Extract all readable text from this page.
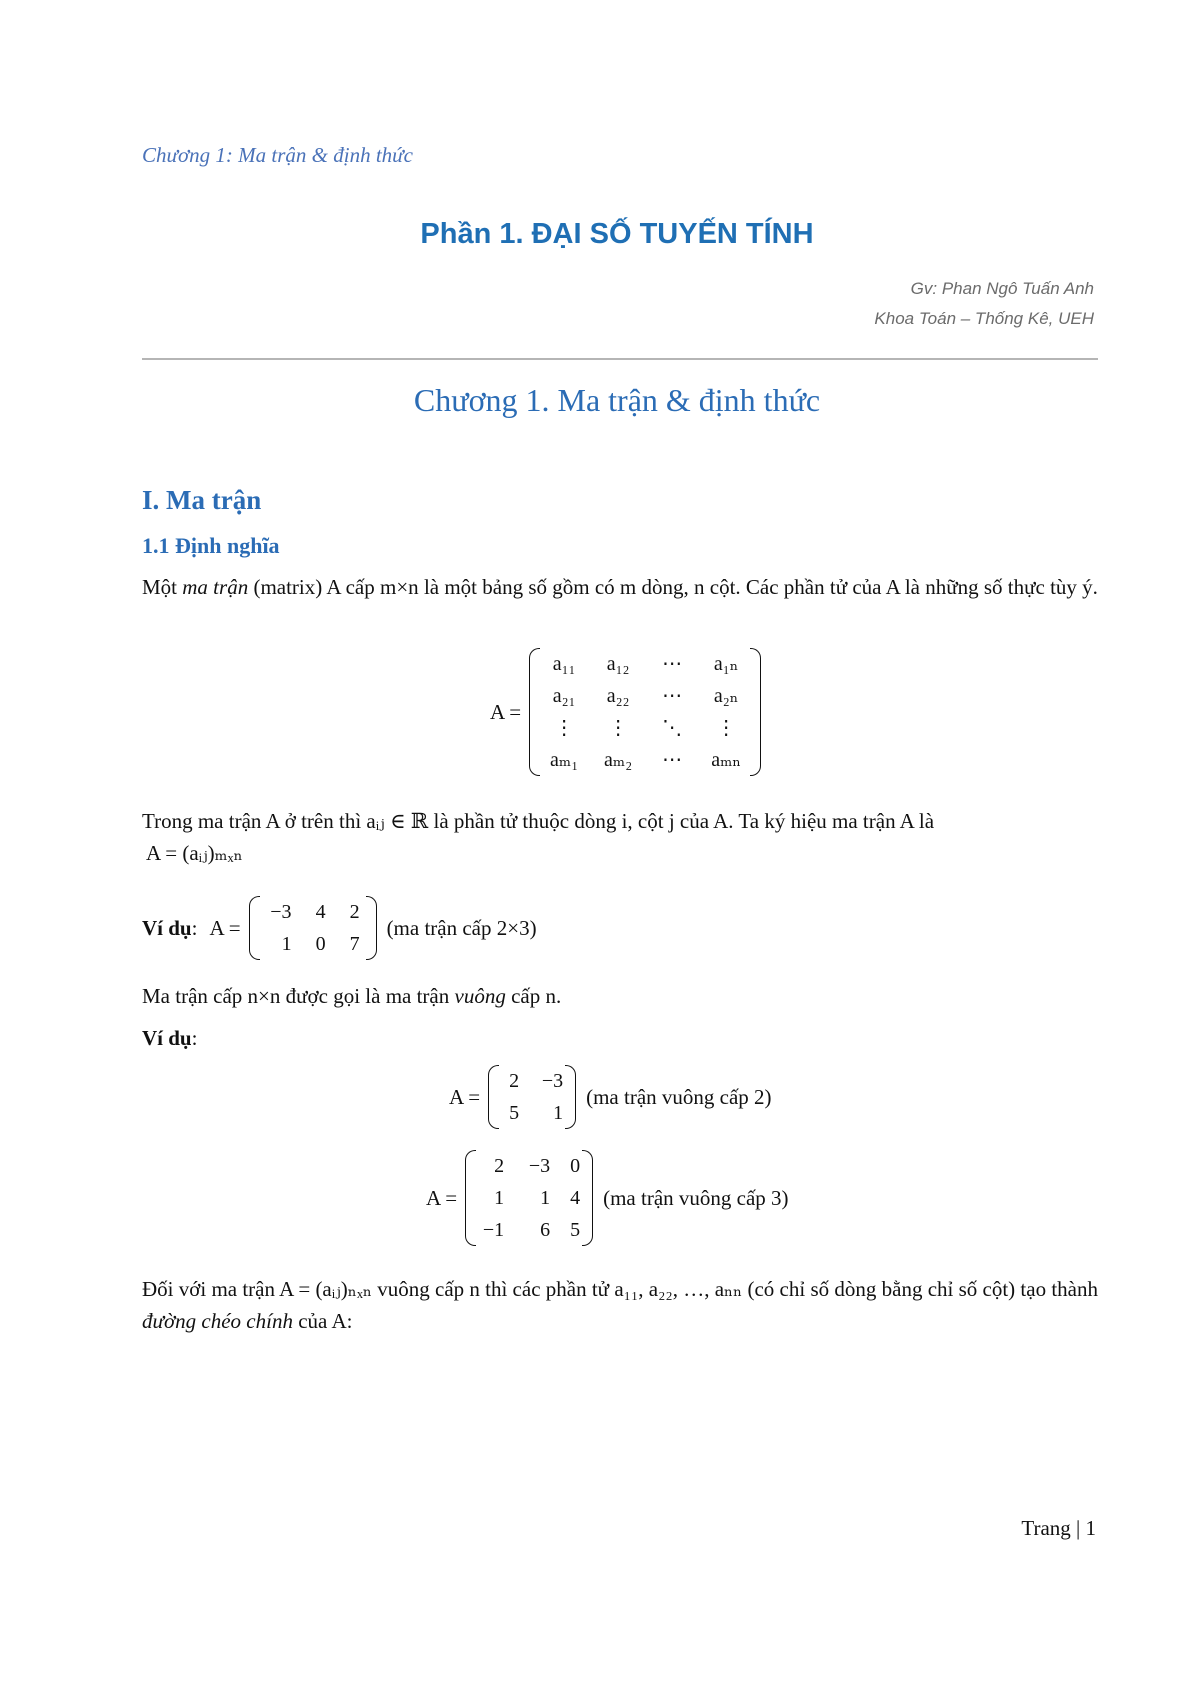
Chương 1: Ma trận & định thức
Phần 1. ĐẠI SỐ TUYẾN TÍNH
Gv: Phan Ngô Tuấn Anh
Khoa Toán – Thống Kê, UEH
Chương 1. Ma trận & định thức
I. Ma trận
1.1 Định nghĩa
Một ma trận (matrix) A cấp m×n là một bảng số gồm có m dòng, n cột. Các phần tử của A là những số thực tùy ý.
A =
a₁₁	a₁₂	⋯	a₁ₙ
a₂₁	a₂₂	⋯	a₂ₙ
⋮	⋮	⋱	⋮
aₘ₁ aₘ₂	⋯	aₘₙ
Trong ma trận A ở trên thì aᵢⱼ ∈ ℝ là phần tử thuộc dòng i, cột j của A. Ta ký hiệu ma trận A là
A = (aᵢⱼ)ₘₓₙ
Ví dụ : A =
−3	4	2
1	0	7
(ma trận cấp 2×3)
Ma trận cấp n×n được gọi là ma trận vuông cấp n.
Ví dụ:
A =
2	−3
5	1
(ma trận vuông cấp 2)
A =
2	−3	0
1	1	4
−1	6	5
(ma trận vuông cấp 3)
Đối với ma trận A = (aᵢⱼ)ₙₓₙ vuông cấp n thì các phần tử a₁₁, a₂₂, …, aₙₙ (có chỉ số dòng bằng chỉ số cột) tạo thành đường chéo chính của A:
Trang | 1
